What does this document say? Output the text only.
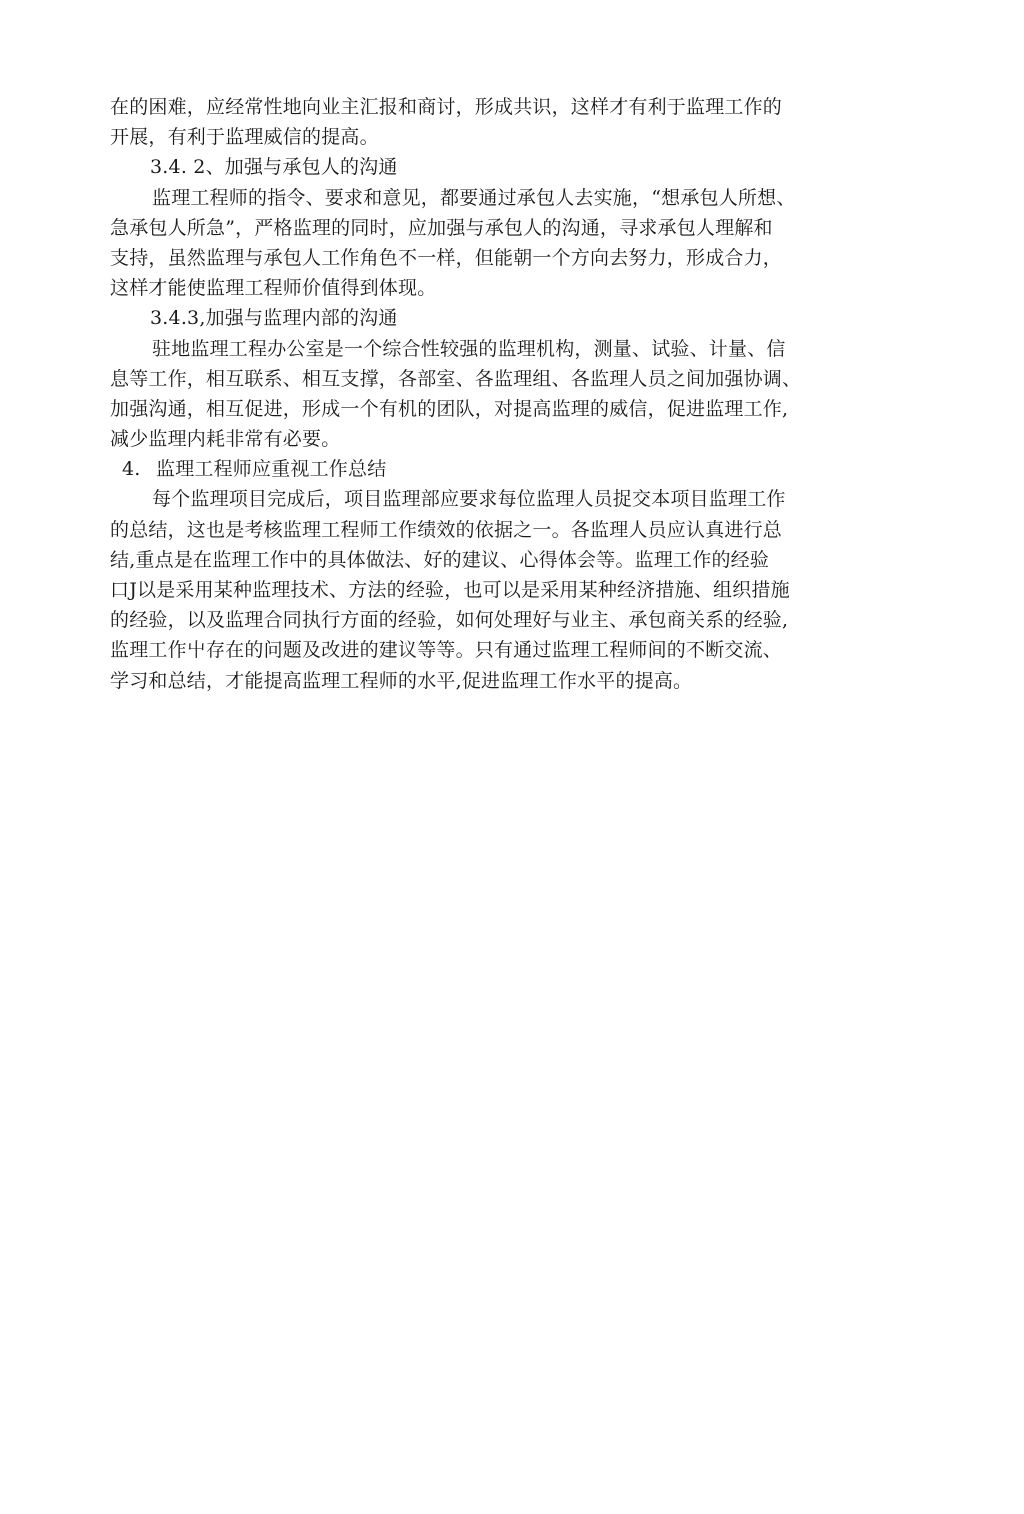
在的困难，应经常性地向业主汇报和商讨，形成共识，这样才有利于监理工作的
开展，有利于监理威信的提高。
3.4. 2、加强与承包人的沟通
监理工程师的指令、要求和意见，都要通过承包人去实施，“想承包人所想、
急承包人所急”，严格监理的同时，应加强与承包人的沟通，寻求承包人理解和
支持，虽然监理与承包人工作角色不一样，但能朝一个方向去努力，形成合力，
这样才能使监理工程师价值得到体现。
3.4.3,加强与监理内部的沟通
驻地监理工程办公室是一个综合性较强的监理机构，测量、试验、计量、信
息等工作，相互联系、相互支撑，各部室、各监理组、各监理人员之间加强协调、
加强沟通，相互促进，形成一个有机的团队，对提高监理的威信，促进监理工作,
减少监理内耗非常有必要。
4. 监理工程师应重视工作总结
每个监理项目完成后，项目监理部应要求每位监理人员捉交本项目监理工作
的总结，这也是考核监理工程师工作绩效的依据之一。各监理人员应认真进行总
结,重点是在监理工作中的具体做法、好的建议、心得体会等。监理工作的经验
口J以是采用某种监理技术、方法的经验，也可以是采用某种经济措施、组织措施
的经验，以及监理合同执行方面的经验，如何处理好与业主、承包商关系的经验,
监理工作屮存在的问题及改进的建议等等。只有通过监理工程师间的不断交流、
学习和总结，才能提高监理工程师的水平,促进监理工作水平的提高。
